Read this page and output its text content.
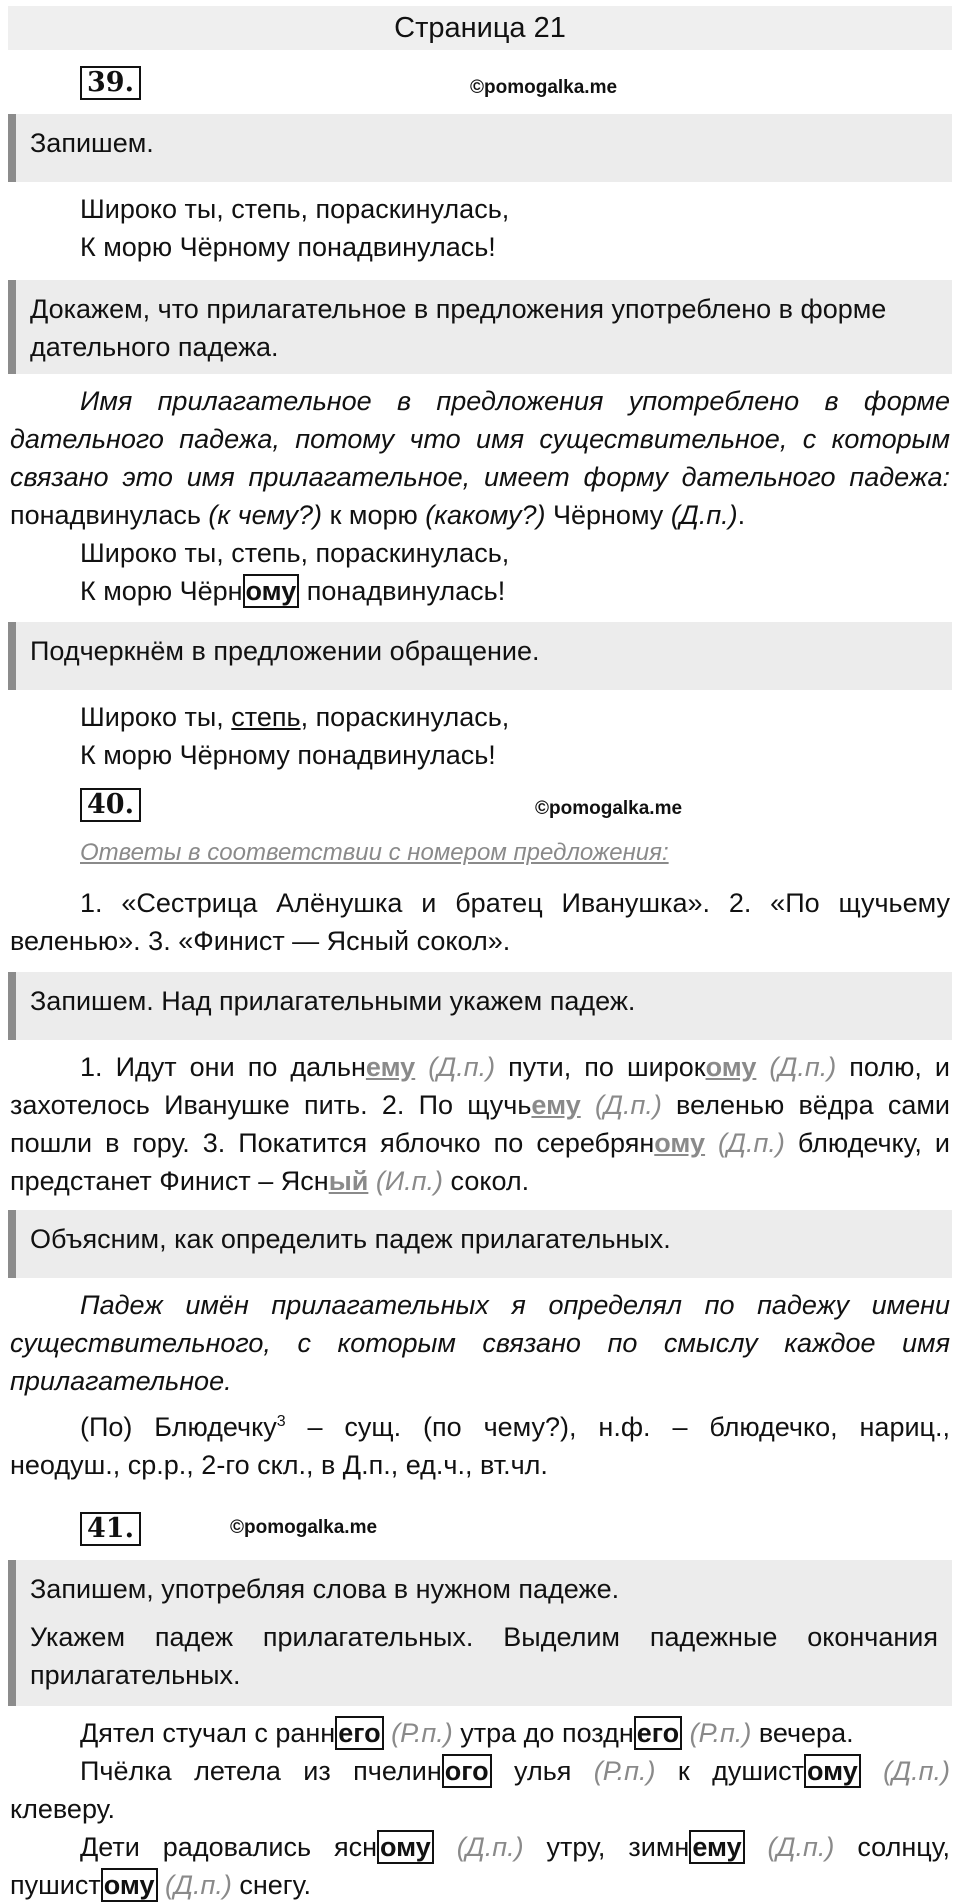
Страница 21
39.	©pomogalka.me
Запишем.
Широко ты, степь, пораскинулась,
К морю Чёрному понадвинулась!
Докажем, что прилагательное в предложения употреблено в форме
дательного падежа.
Имя прилагательное в предложения употреблено в форме
дательного падежа, потому что имя существительное, с которым
связано это имя прилагательное, имеет форму дательного падежа:
понадвинулась (к чему?) к морю (какому?) Чёрному (Д.п.).
Широко ты, степь, пораскинулась,
К морю Чёрн ому понадвинулась!
Подчеркнём в предложении обращение.
Широко ты, степь, пораскинулась,
К морю Чёрному понадвинулась!
40.	©pomogalka.me
Ответы в соответствии с номером предложения:
1. «Сестрица Алёнушка и братец Иванушка». 2. «По щучьему
веленью». 3. «Финист — Ясный сокол».
Запишем. Над прилагательными укажем падеж.
1. Идут они по дальнему (Д.п.) пути, по широкому (Д.п.) полю, и
захотелось Иванушке пить. 2. По щучьему (Д.п.) веленью вёдра сами
пошли в гору. 3. Покатится яблочко по серебряному (Д.п.) блюдечку, и
предстанет Финист – Ясный (И.п.) сокол.
Объясним, как определить падеж прилагательных.
Падеж имён прилагательных я определял по падежу имени
существительного, с которым связано по смыслу каждое имя
прилагательное.
(По) Блюдечку$^3$ – сущ. (по чему?), н.ф. – блюдечко, нариц.,
неодуш., ср.р., 2-го скл., в Д.п., ед.ч., вт.чл.
41.	©pomogalka.me
Запишем, употребляя слова в нужном падеже.
Укажем падеж прилагательных. Выделим падежные окончания
прилагательных.
Дятел стучал с ранн его (Р.п.) утра до поздн его (Р.п.) вечера.
Пчёлка летела из пчелин ого улья (Р.п.) к душист ому (Д.п.)
клеверу.
Дети радовались ясн ому (Д.п.) утру, зимн ему (Д.п.) солнцу,
пушист ому (Д.п.) снегу.
